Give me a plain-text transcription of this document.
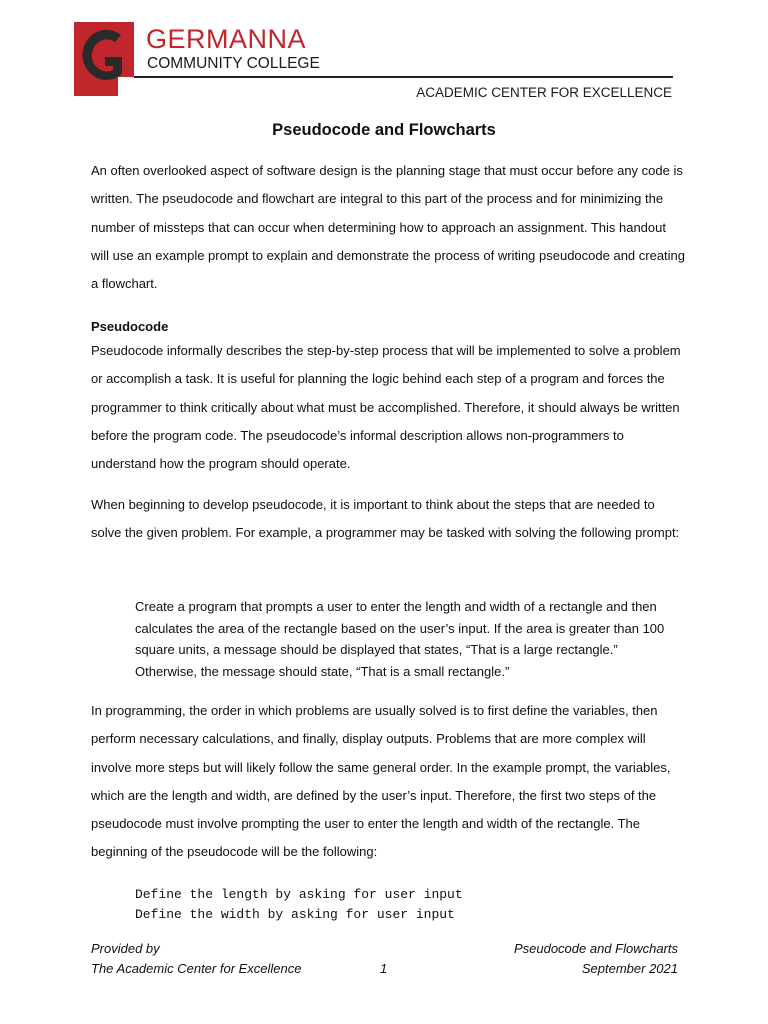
GERMANNA
COMMUNITY COLLEGE
ACADEMIC CENTER FOR EXCELLENCE
Pseudocode and Flowcharts

An often overlooked aspect of software design is the planning stage that must occur before any code is written. The pseudocode and flowchart are integral to this part of the process and for minimizing the number of missteps that can occur when determining how to approach an assignment. This handout will use an example prompt to explain and demonstrate the process of writing pseudocode and creating a flowchart.

Pseudocode

Pseudocode informally describes the step-by-step process that will be implemented to solve a problem or accomplish a task. It is useful for planning the logic behind each step of a program and forces the programmer to think critically about what must be accomplished. Therefore, it should always be written before the program code. The pseudocode’s informal description allows non-programmers to understand how the program should operate.

When beginning to develop pseudocode, it is important to think about the steps that are needed to solve the given problem. For example, a programmer may be tasked with solving the following prompt:

Create a program that prompts a user to enter the length and width of a rectangle and then calculates the area of the rectangle based on the user’s input. If the area is greater than 100 square units, a message should be displayed that states, “That is a large rectangle.” Otherwise, the message should state, “That is a small rectangle.”

In programming, the order in which problems are usually solved is to first define the variables, then perform necessary calculations, and finally, display outputs. Problems that are more complex will involve more steps but will likely follow the same general order. In the example prompt, the variables, which are the length and width, are defined by the user’s input. Therefore, the first two steps of the pseudocode must involve prompting the user to enter the length and width of the rectangle. The beginning of the pseudocode will be the following:

Define the length by asking for user input
Define the width by asking for user input
Provided by
The Academic Center for Excellence	1
Pseudocode and Flowcharts
September 2021
